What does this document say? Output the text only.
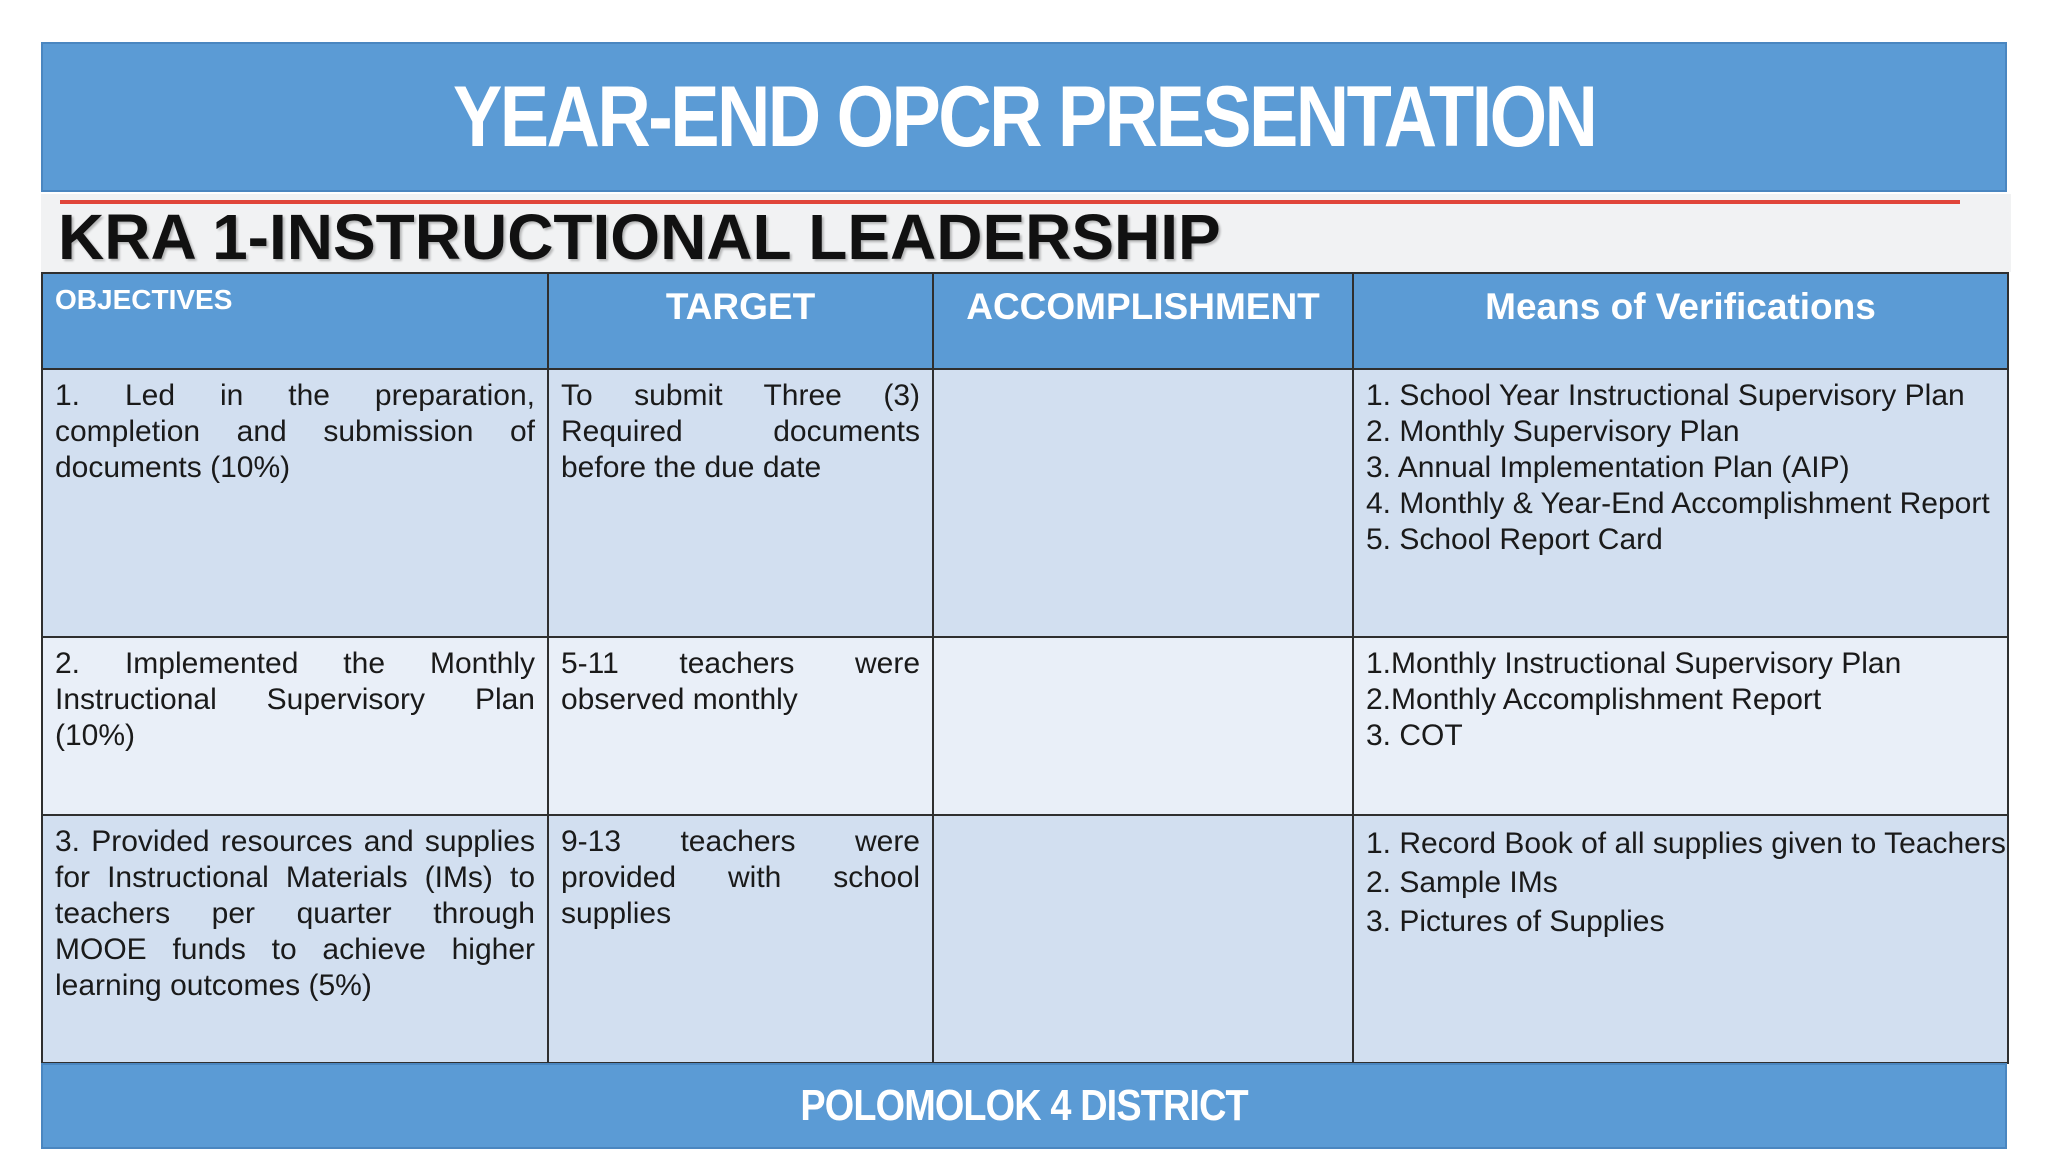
YEAR-END OPCR PRESENTATION
KRA 1-INSTRUCTIONAL LEADERSHIP
OBJECTIVES	TARGET	ACCOMPLISHMENT	Means of Verifications
1. Led in the preparation, completion and submission of documents (10%)	To submit Three (3) Required documents before the due date		1. School Year Instructional Supervisory Plan
2. Monthly Supervisory Plan
3. Annual Implementation Plan (AIP)
4. Monthly & Year-End Accomplishment Report
5. School Report Card

2. Implemented the Monthly Instructional Supervisory Plan (10%)	5-11 teachers were observed monthly		1.Monthly Instructional Supervisory Plan
2.Monthly Accomplishment Report
3. COT

3. Provided resources and supplies for Instructional Materials (IMs) to teachers per quarter through MOOE funds to achieve higher learning outcomes (5%)	9-13 teachers were provided with school supplies		1. Record Book of all supplies given to Teachers
2. Sample IMs
3. Pictures of Supplies
POLOMOLOK 4 DISTRICT
